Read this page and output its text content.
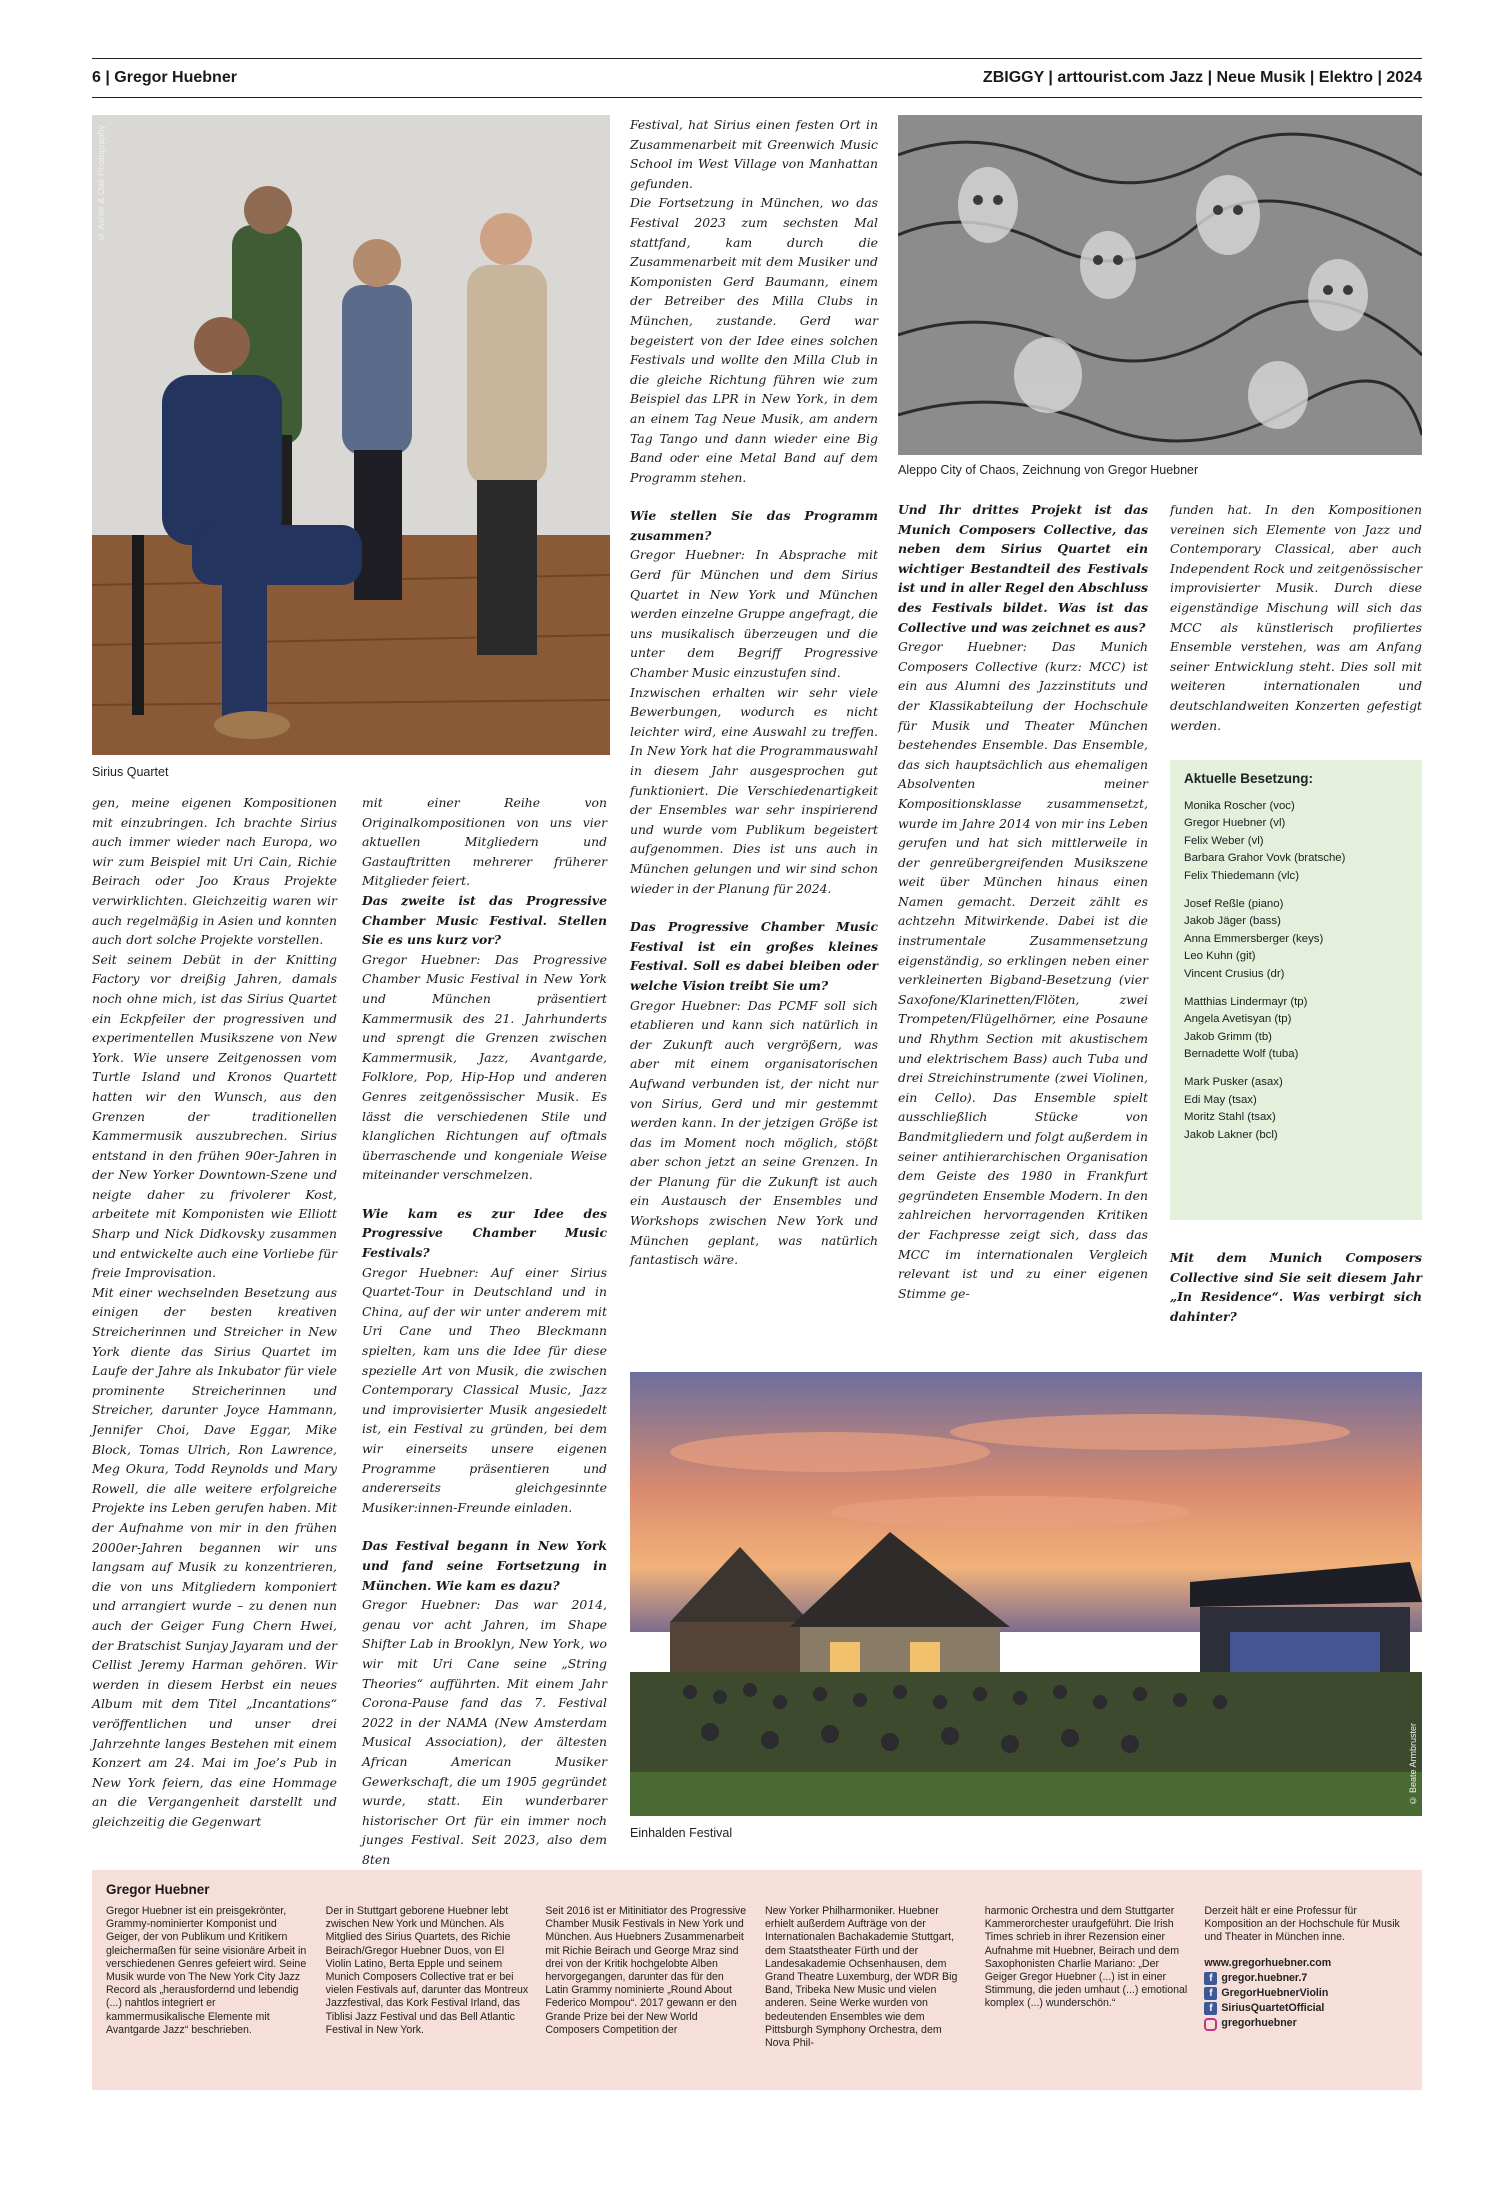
6 | Gregor Huebner	ZBIGGY | arttourist.com Jazz | Neue Musik | Elektro | 2024
© Asher & Oak Photography
Sirius Quartet
Aleppo City of Chaos, Zeichnung von Gregor Huebner

gen, meine eigenen Kompositionen mit einzubringen. Ich brachte Sirius auch immer wieder nach Europa, wo wir zum Beispiel mit Uri Cain, Richie Beirach oder Joo Kraus Projekte verwirklichten. Gleichzeitig waren wir auch regelmäßig in Asien und konnten auch dort solche Projekte vorstellen.

Seit seinem Debüt in der Knitting Factory vor dreißig Jahren, damals noch ohne mich, ist das Sirius Quartet ein Eckpfeiler der progressiven und experimentellen Musikszene von New York. Wie unsere Zeitgenossen vom Turtle Island und Kronos Quartett hatten wir den Wunsch, aus den Grenzen der traditionellen Kammermusik auszubrechen. Sirius entstand in den frühen 90er-Jahren in der New Yorker Downtown-Szene und neigte daher zu frivolerer Kost, arbeitete mit Komponisten wie Elliott Sharp und Nick Didkovsky zusammen und entwickelte auch eine Vorliebe für freie Improvisation.

Mit einer wechselnden Besetzung aus einigen der besten kreativen Streicherinnen und Streicher in New York diente das Sirius Quartet im Laufe der Jahre als Inkubator für viele prominente Streicherinnen und Streicher, darunter Joyce Hammann, Jennifer Choi, Dave Eggar, Mike Block, Tomas Ulrich, Ron Lawrence, Meg Okura, Todd Reynolds und Mary Rowell, die alle weitere erfolgreiche Projekte ins Leben gerufen haben. Mit der Aufnahme von mir in den frühen 2000er-Jahren begannen wir uns langsam auf Musik zu konzentrieren, die von uns Mitgliedern komponiert und arrangiert wurde – zu denen nun auch der Geiger Fung Chern Hwei, der Bratschist Sunjay Jayaram und der Cellist Jeremy Harman gehören. Wir werden in diesem Herbst ein neues Album mit dem Titel „Incantations“ veröffentlichen und unser drei Jahrzehnte langes Bestehen mit einem Konzert am 24. Mai im Joe’s Pub in New York feiern, das eine Hommage an die Vergangenheit darstellt und gleichzeitig die Gegenwart

mit einer Reihe von Originalkompositionen von uns vier aktuellen Mitgliedern und Gastauftritten mehrerer früherer Mitglieder feiert.

Das zweite ist das Progressive Chamber Music Festival. Stellen Sie es uns kurz vor?

Gregor Huebner: Das Progressive Chamber Music Festival in New York und München präsentiert Kammermusik des 21. Jahrhunderts und sprengt die Grenzen zwischen Kammermusik, Jazz, Avantgarde, Folklore, Pop, Hip-Hop und anderen Genres zeitgenössischer Musik. Es lässt die verschiedenen Stile und klanglichen Richtungen auf oftmals überraschende und kongeniale Weise miteinander verschmelzen.

Wie kam es zur Idee des Progressive Chamber Music Festivals?

Gregor Huebner: Auf einer Sirius Quartet-Tour in Deutschland und in China, auf der wir unter anderem mit Uri Cane und Theo Bleckmann spielten, kam uns die Idee für diese spezielle Art von Musik, die zwischen Contemporary Classical Music, Jazz und improvisierter Musik angesiedelt ist, ein Festival zu gründen, bei dem wir einerseits unsere eigenen Programme präsentieren und andererseits gleichgesinnte Musiker:innen-Freunde einladen.

Das Festival begann in New York und fand seine Fortsetzung in München. Wie kam es dazu?

Gregor Huebner: Das war 2014, genau vor acht Jahren, im Shape Shifter Lab in Brooklyn, New York, wo wir mit Uri Cane seine „String Theories“ aufführten. Mit einem Jahr Corona-Pause fand das 7. Festival 2022 in der NAMA (New Amsterdam Musical Association), der ältesten African American Musiker Gewerkschaft, die um 1905 gegründet wurde, statt. Ein wunderbarer historischer Ort für ein immer noch junges Festival. Seit 2023, also dem 8ten

Festival, hat Sirius einen festen Ort in Zusammenarbeit mit Greenwich Music School im West Village von Manhattan gefunden.

Die Fortsetzung in München, wo das Festival 2023 zum sechsten Mal stattfand, kam durch die Zusammenarbeit mit dem Musiker und Komponisten Gerd Baumann, einem der Betreiber des Milla Clubs in München, zustande. Gerd war begeistert von der Idee eines solchen Festivals und wollte den Milla Club in die gleiche Richtung führen wie zum Beispiel das LPR in New York, in dem an einem Tag Neue Musik, am andern Tag Tango und dann wieder eine Big Band oder eine Metal Band auf dem Programm stehen.

Wie stellen Sie das Programm zusammen?

Gregor Huebner: In Absprache mit Gerd für München und dem Sirius Quartet in New York und München werden einzelne Gruppe angefragt, die uns musikalisch überzeugen und die unter dem Begriff Progressive Chamber Music einzustufen sind.

Inzwischen erhalten wir sehr viele Bewerbungen, wodurch es nicht leichter wird, eine Auswahl zu treffen. In New York hat die Programmauswahl in diesem Jahr ausgesprochen gut funktioniert. Die Verschiedenartigkeit der Ensembles war sehr inspirierend und wurde vom Publikum begeistert aufgenommen. Dies ist uns auch in München gelungen und wir sind schon wieder in der Planung für 2024.

Das Progressive Chamber Music Festival ist ein großes kleines Festival. Soll es dabei bleiben oder welche Vision treibt Sie um?

Gregor Huebner: Das PCMF soll sich etablieren und kann sich natürlich in der Zukunft auch vergrößern, was aber mit einem organisatorischen Aufwand verbunden ist, der nicht nur von Sirius, Gerd und mir gestemmt werden kann. In der jetzigen Größe ist das im Moment noch möglich, stößt aber schon jetzt an seine Grenzen. In der Planung für die Zukunft ist auch ein Austausch der Ensembles und Workshops zwischen New York und München geplant, was natürlich fantastisch wäre.

Und Ihr drittes Projekt ist das Munich Composers Collective, das neben dem Sirius Quartet ein wichtiger Bestandteil des Festivals ist und in aller Regel den Abschluss des Festivals bildet. Was ist das Collective und was zeichnet es aus?

Gregor Huebner: Das Munich Composers Collective (kurz: MCC) ist ein aus Alumni des Jazzinstituts und der Klassikabteilung der Hochschule für Musik und Theater München bestehendes Ensemble. Das Ensemble, das sich hauptsächlich aus ehemaligen Absolventen meiner Kompositionsklasse zusammensetzt, wurde im Jahre 2014 von mir ins Leben gerufen und hat sich mittlerweile in der genreübergreifenden Musikszene weit über München hinaus einen Namen gemacht. Derzeit zählt es achtzehn Mitwirkende. Dabei ist die instrumentale Zusammensetzung eigenständig, so erklingen neben einer verkleinerten Bigband-Besetzung (vier Saxofone/Klarinetten/Flöten, zwei Trompeten/Flügelhörner, eine Posaune und Rhythm Section mit akustischem und elektrischem Bass) auch Tuba und drei Streichinstrumente (zwei Violinen, ein Cello). Das Ensemble spielt ausschließlich Stücke von Bandmitgliedern und folgt außerdem in seiner antihierarchischen Organisation dem Geiste des 1980 in Frankfurt gegründeten Ensemble Modern. In den zahlreichen hervorragenden Kritiken der Fachpresse zeigt sich, dass das MCC im internationalen Vergleich relevant ist und zu einer eigenen Stimme ge-

funden hat. In den Kompositionen vereinen sich Elemente von Jazz und Contemporary Classical, aber auch Independent Rock und zeitgenössischer improvisierter Musik. Durch diese eigenständige Mischung will sich das MCC als künstlerisch profiliertes Ensemble verstehen, was am Anfang seiner Entwicklung steht. Dies soll mit weiteren internationalen und deutschlandweiten Konzerten gefestigt werden.

Aktuelle Besetzung:
Monika Roscher (voc)
Gregor Huebner (vl)
Felix Weber (vl)
Barbara Grahor Vovk (bratsche)
Felix Thiedemann (vlc)
Josef Reßle (piano)
Jakob Jäger (bass)
Anna Emmersberger (keys)
Leo Kuhn (git)
Vincent Crusius (dr)
Matthias Lindermayr (tp)
Angela Avetisyan (tp)
Jakob Grimm (tb)
Bernadette Wolf (tuba)
Mark Pusker (asax)
Edi May (tsax)
Moritz Stahl (tsax)
Jakob Lakner (bcl)

Mit dem Munich Composers Collective sind Sie seit diesem Jahr „In Residence“. Was verbirgt sich dahinter?

© Beate Armbruster
Einhalden Festival
Gregor Huebner
Gregor Huebner ist ein preisgekrönter, Grammy-nominierter Komponist und Geiger, der von Publikum und Kritikern gleichermaßen für seine visionäre Arbeit in verschiedenen Genres gefeiert wird. Seine Musik wurde von The New York City Jazz Record als „herausfordernd und lebendig (...) nahtlos integriert er kammermusikalische Elemente mit Avantgarde Jazz“ beschrieben.
Der in Stuttgart geborene Huebner lebt zwischen New York und München. Als Mitglied des Sirius Quartets, des Richie Beirach/Gregor Huebner Duos, von El Violin Latino, Berta Epple und seinem Munich Composers Collective trat er bei vielen Festivals auf, darunter das Montreux Jazzfestival, das Kork Festival Irland, das Tiblisi Jazz Festival und das Bell Atlantic Festival in New York.
Seit 2016 ist er Mitinitiator des Progressive Chamber Musik Festivals in New York und München. Aus Huebners Zusammenarbeit mit Richie Beirach und George Mraz sind drei von der Kritik hochgelobte Alben hervorgegangen, darunter das für den Latin Grammy nominierte „Round About Federico Mompou“. 2017 gewann er den Grande Prize bei der New World Composers Competition der
New Yorker Philharmoniker. Huebner erhielt außerdem Aufträge von der Internationalen Bachakademie Stuttgart, dem Staatstheater Fürth und der Landesakademie Ochsenhausen, dem Grand Theatre Luxemburg, der WDR Big Band, Tribeka New Music und vielen anderen. Seine Werke wurden von bedeutenden Ensembles wie dem Pittsburgh Symphony Orchestra, dem Nova Phil-
harmonic Orchestra und dem Stuttgarter Kammerorchester uraufgeführt. Die Irish Times schrieb in ihrer Rezension einer Aufnahme mit Huebner, Beirach und dem Saxophonisten Charlie Mariano: „Der Geiger Gregor Huebner (...) ist in einer Stimmung, die jeden umhaut (...) emotional komplex (...) wunderschön.“
Derzeit hält er eine Professur für Komposition an der Hochschule für Musik und Theater in München inne.
www.gregorhuebner.com
f gregor.huebner.7
f GregorHuebnerViolin
f SiriusQuartetOfficial
gregorhuebner
